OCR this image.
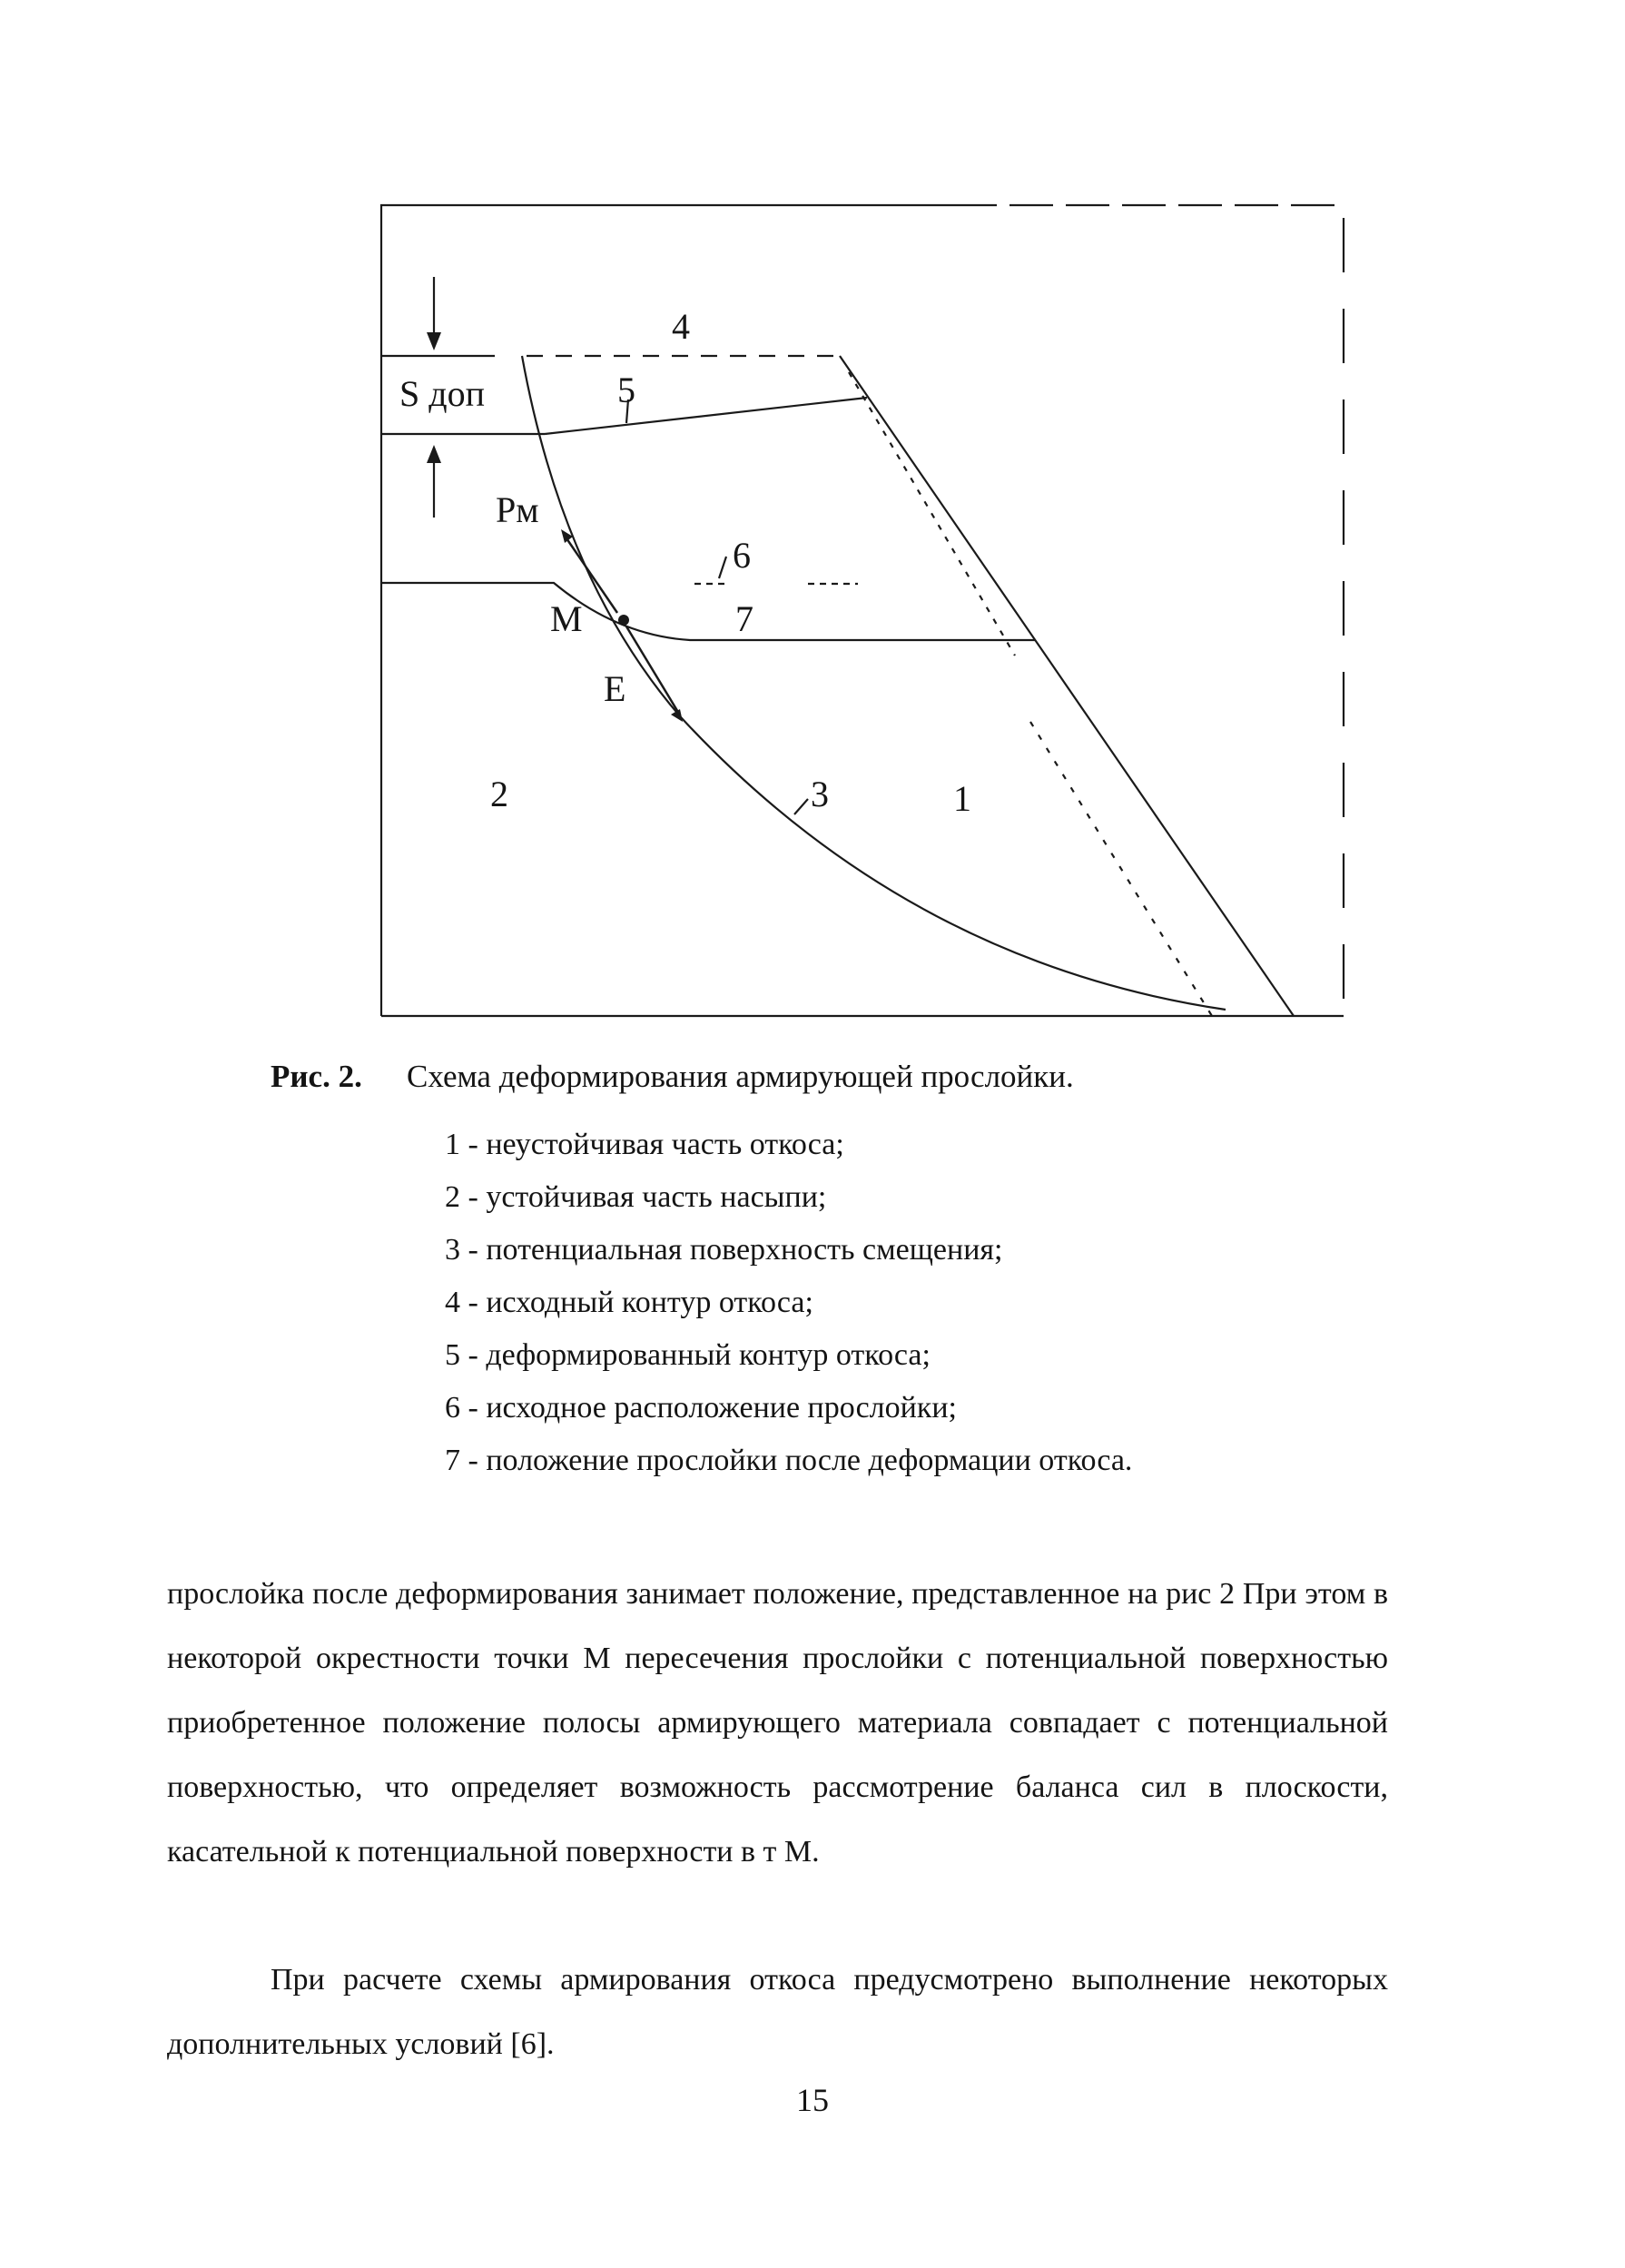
4
S доп	5
Рм
6
М	7
Е
2	3	1
Рис. 2. Схема деформирования армирующей прослойки.
1 - неустойчивая часть откоса;
2 - устойчивая часть насыпи;
3 - потенциальная поверхность смещения;
4 - исходный контур откоса;
5 - деформированный контур откоса;
6 - исходное расположение прослойки;
7 - положение прослойки после деформации откоса.

прослойка после деформирования занимает положение, представленное на рис 2 При этом в некоторой окрестности точки М пересечения прослойки с потенциальной поверхностью приобретенное положение полосы армирующего материала совпадает с потенциальной поверхностью, что определяет возможность рассмотрение баланса сил в плоскости, касательной к потенциальной поверхности в т М.

При расчете схемы армирования откоса предусмотрено выполнение некоторых дополнительных условий [6].

15
